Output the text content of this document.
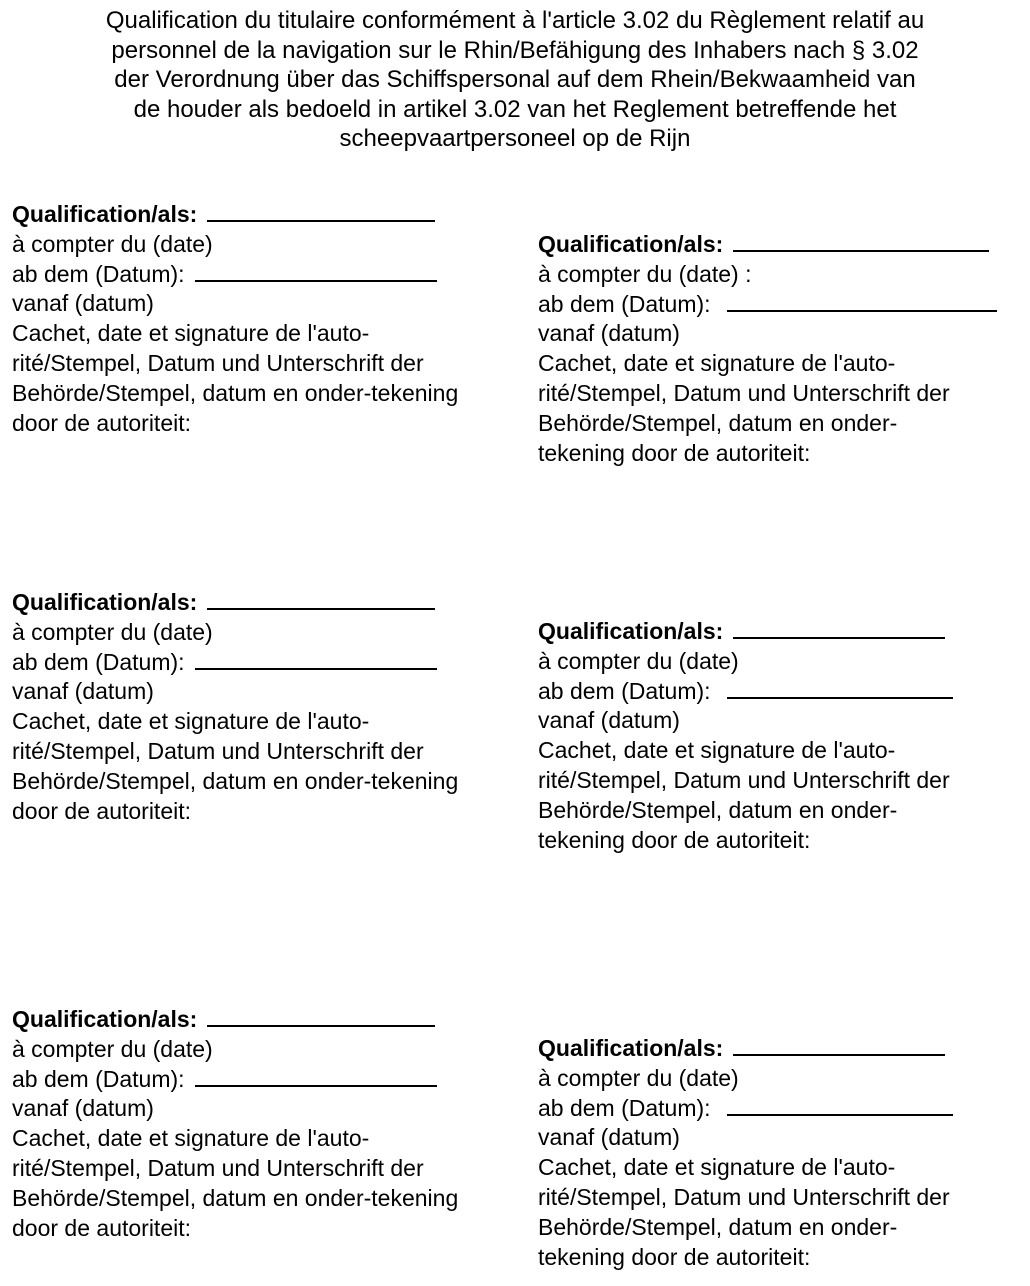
Qualification du titulaire conformément à l'article 3.02 du Règlement relatif au
personnel de la navigation sur le Rhin/Befähigung des Inhabers nach § 3.02
der Verordnung über das Schiffspersonal auf dem Rhein/Bekwaamheid van
de houder als bedoeld in artikel 3.02 van het Reglement betreffende het
scheepvaartpersoneel op de Rijn
Qualification/als:
à compter du (date)
ab dem (Datum):
vanaf (datum)
Cachet, date et signature de l'auto-
rité/Stempel, Datum und Unterschrift der
Behörde/Stempel, datum en onder-tekening
door de autoriteit:
Qualification/als:
à compter du (date) :
ab dem (Datum):
vanaf (datum)
Cachet, date et signature de l'auto-
rité/Stempel, Datum und Unterschrift der
Behörde/Stempel, datum en onder-
tekening door de autoriteit:
Qualification/als:
à compter du (date)
ab dem (Datum):
vanaf (datum)
Cachet, date et signature de l'auto-
rité/Stempel, Datum und Unterschrift der
Behörde/Stempel, datum en onder-tekening
door de autoriteit:
Qualification/als:
à compter du (date)
ab dem (Datum):
vanaf (datum)
Cachet, date et signature de l'auto-
rité/Stempel, Datum und Unterschrift der
Behörde/Stempel, datum en onder-
tekening door de autoriteit:
Qualification/als:
à compter du (date)
ab dem (Datum):
vanaf (datum)
Cachet, date et signature de l'auto-
rité/Stempel, Datum und Unterschrift der
Behörde/Stempel, datum en onder-tekening
door de autoriteit:
Qualification/als:
à compter du (date)
ab dem (Datum):
vanaf (datum)
Cachet, date et signature de l'auto-
rité/Stempel, Datum und Unterschrift der
Behörde/Stempel, datum en onder-
tekening door de autoriteit:
